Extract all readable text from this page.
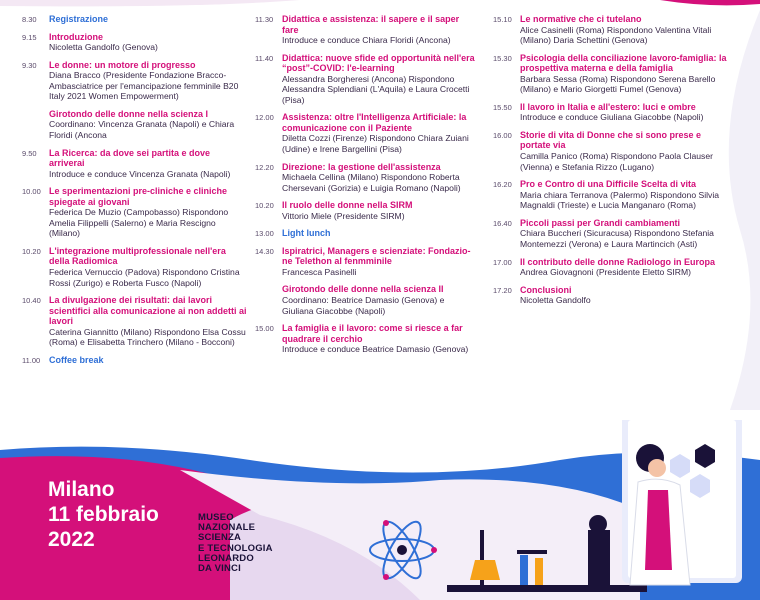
8.30	Registrazione
9.15	Introduzione
Nicoletta Gandolfo (Genova)
9.30	Le donne: un motore di progresso
Diana Bracco (Presidente Fondazione Bracco- Ambasciatrice per l'emancipazione femminile B20 Italy 2021 Women Empowerment)
Girotondo delle donne nella scienza I
Coordinano: Vincenza Granata (Napoli) e Chiara Floridi (Ancona
9.50	La Ricerca: da dove sei partita e dove arriverai
Introduce e conduce Vincenza Granata (Napoli)
10.00 Le sperimentazioni pre-cliniche e cliniche spiegate ai giovani
Federica De Muzio (Campobasso) Rispondono Amelia Filippelli (Salerno) e Maria Rescigno (Milano)
10.20 L'integrazione multiprofessionale nell'era della Radiomica
Federica Vernuccio (Padova) Rispondono Cristina Rossi (Zurigo) e Roberta Fusco (Napoli)
10.40 La divulgazione dei risultati: dai lavori scientifici alla comunicazione ai non addetti ai lavori
Caterina Giannitto (Milano) Rispondono Elsa Cossu (Roma) e Elisabetta Trinchero (Milano - Bocconi)
11.00 Coffee break
11.30 Didattica e assistenza: il sapere e il saper fare
Introduce e conduce Chiara Floridi (Ancona)
11.40 Didattica: nuove sfide ed opportunità nell'era “post”-COVID: l'e-learning
Alessandra Borgheresi (Ancona) Rispondono Alessandra Splendiani (L'Aquila) e Laura Crocetti (Pisa)
12.00 Assistenza: oltre l'Intelligenza Artificiale: la comunicazione con il Paziente
Diletta Cozzi (Firenze) Rispondono Chiara Zuiani (Udine) e Irene Bargellini (Pisa)
12.20 Direzione: la gestione dell'assistenza
Michaela Cellina (Milano) Rispondono Roberta Chersevani (Gorizia) e Luigia Romano (Napoli)
10.20 Il ruolo delle donne nella SIRM
Vittorio Miele (Presidente SIRM)
13.00 Light lunch
14.30 Ispiratrici, Managers e scienziate: Fondazio-ne Telethon al fenmminile
Francesca Pasinelli
Girotondo delle donne nella scienza II
Coordinano: Beatrice Damasio (Genova) e Giuliana Giacobbe (Napoli)
15.00 La famiglia e il lavoro: come si riesce a far quadrare il cerchio
Introduce e conduce Beatrice Damasio (Genova)
15.10 Le normative che ci tutelano
Alice Casinelli (Roma) Rispondono Valentina Vitali (Milano) Daria Schettini (Genova)
15.30 Psicologia della conciliazione lavoro-famiglia: la prospettiva materna e della famiglia
Barbara Sessa (Roma) Rispondono Serena Barello (Milano) e Mario Giorgetti Fumel (Genova)
15.50 Il lavoro in Italia e all'estero: luci e ombre
Introduce e conduce Giuliana Giacobbe (Napoli)
16.00 Storie di vita di Donne che si sono prese e portate via
Camilla Panico (Roma) Rispondono Paola Clauser (Vienna) e Stefania Rizzo (Lugano)
16.20 Pro e Contro di una Difficile Scelta di vita
Maria chiara Terranova (Palermo) Rispondono Silvia Magnaldi (Trieste) e Lucia Manganaro (Roma)
16.40 Piccoli passi per Grandi cambiamenti
Chiara Buccheri (Sicuracusa) Rispondono Stefania Montemezzi (Verona) e Laura Martincich (Asti)
17.00 Il contributo delle donne Radiologo in Europa
Andrea Giovagnoni (Presidente Eletto SIRM)
17.20 Conclusioni
Nicoletta Gandolfo
Milano
11 febbraio
2022
MUSEO
NAZIONALE
SCIENZA
E TECNOLOGIA
LEONARDO
DA VINCI
